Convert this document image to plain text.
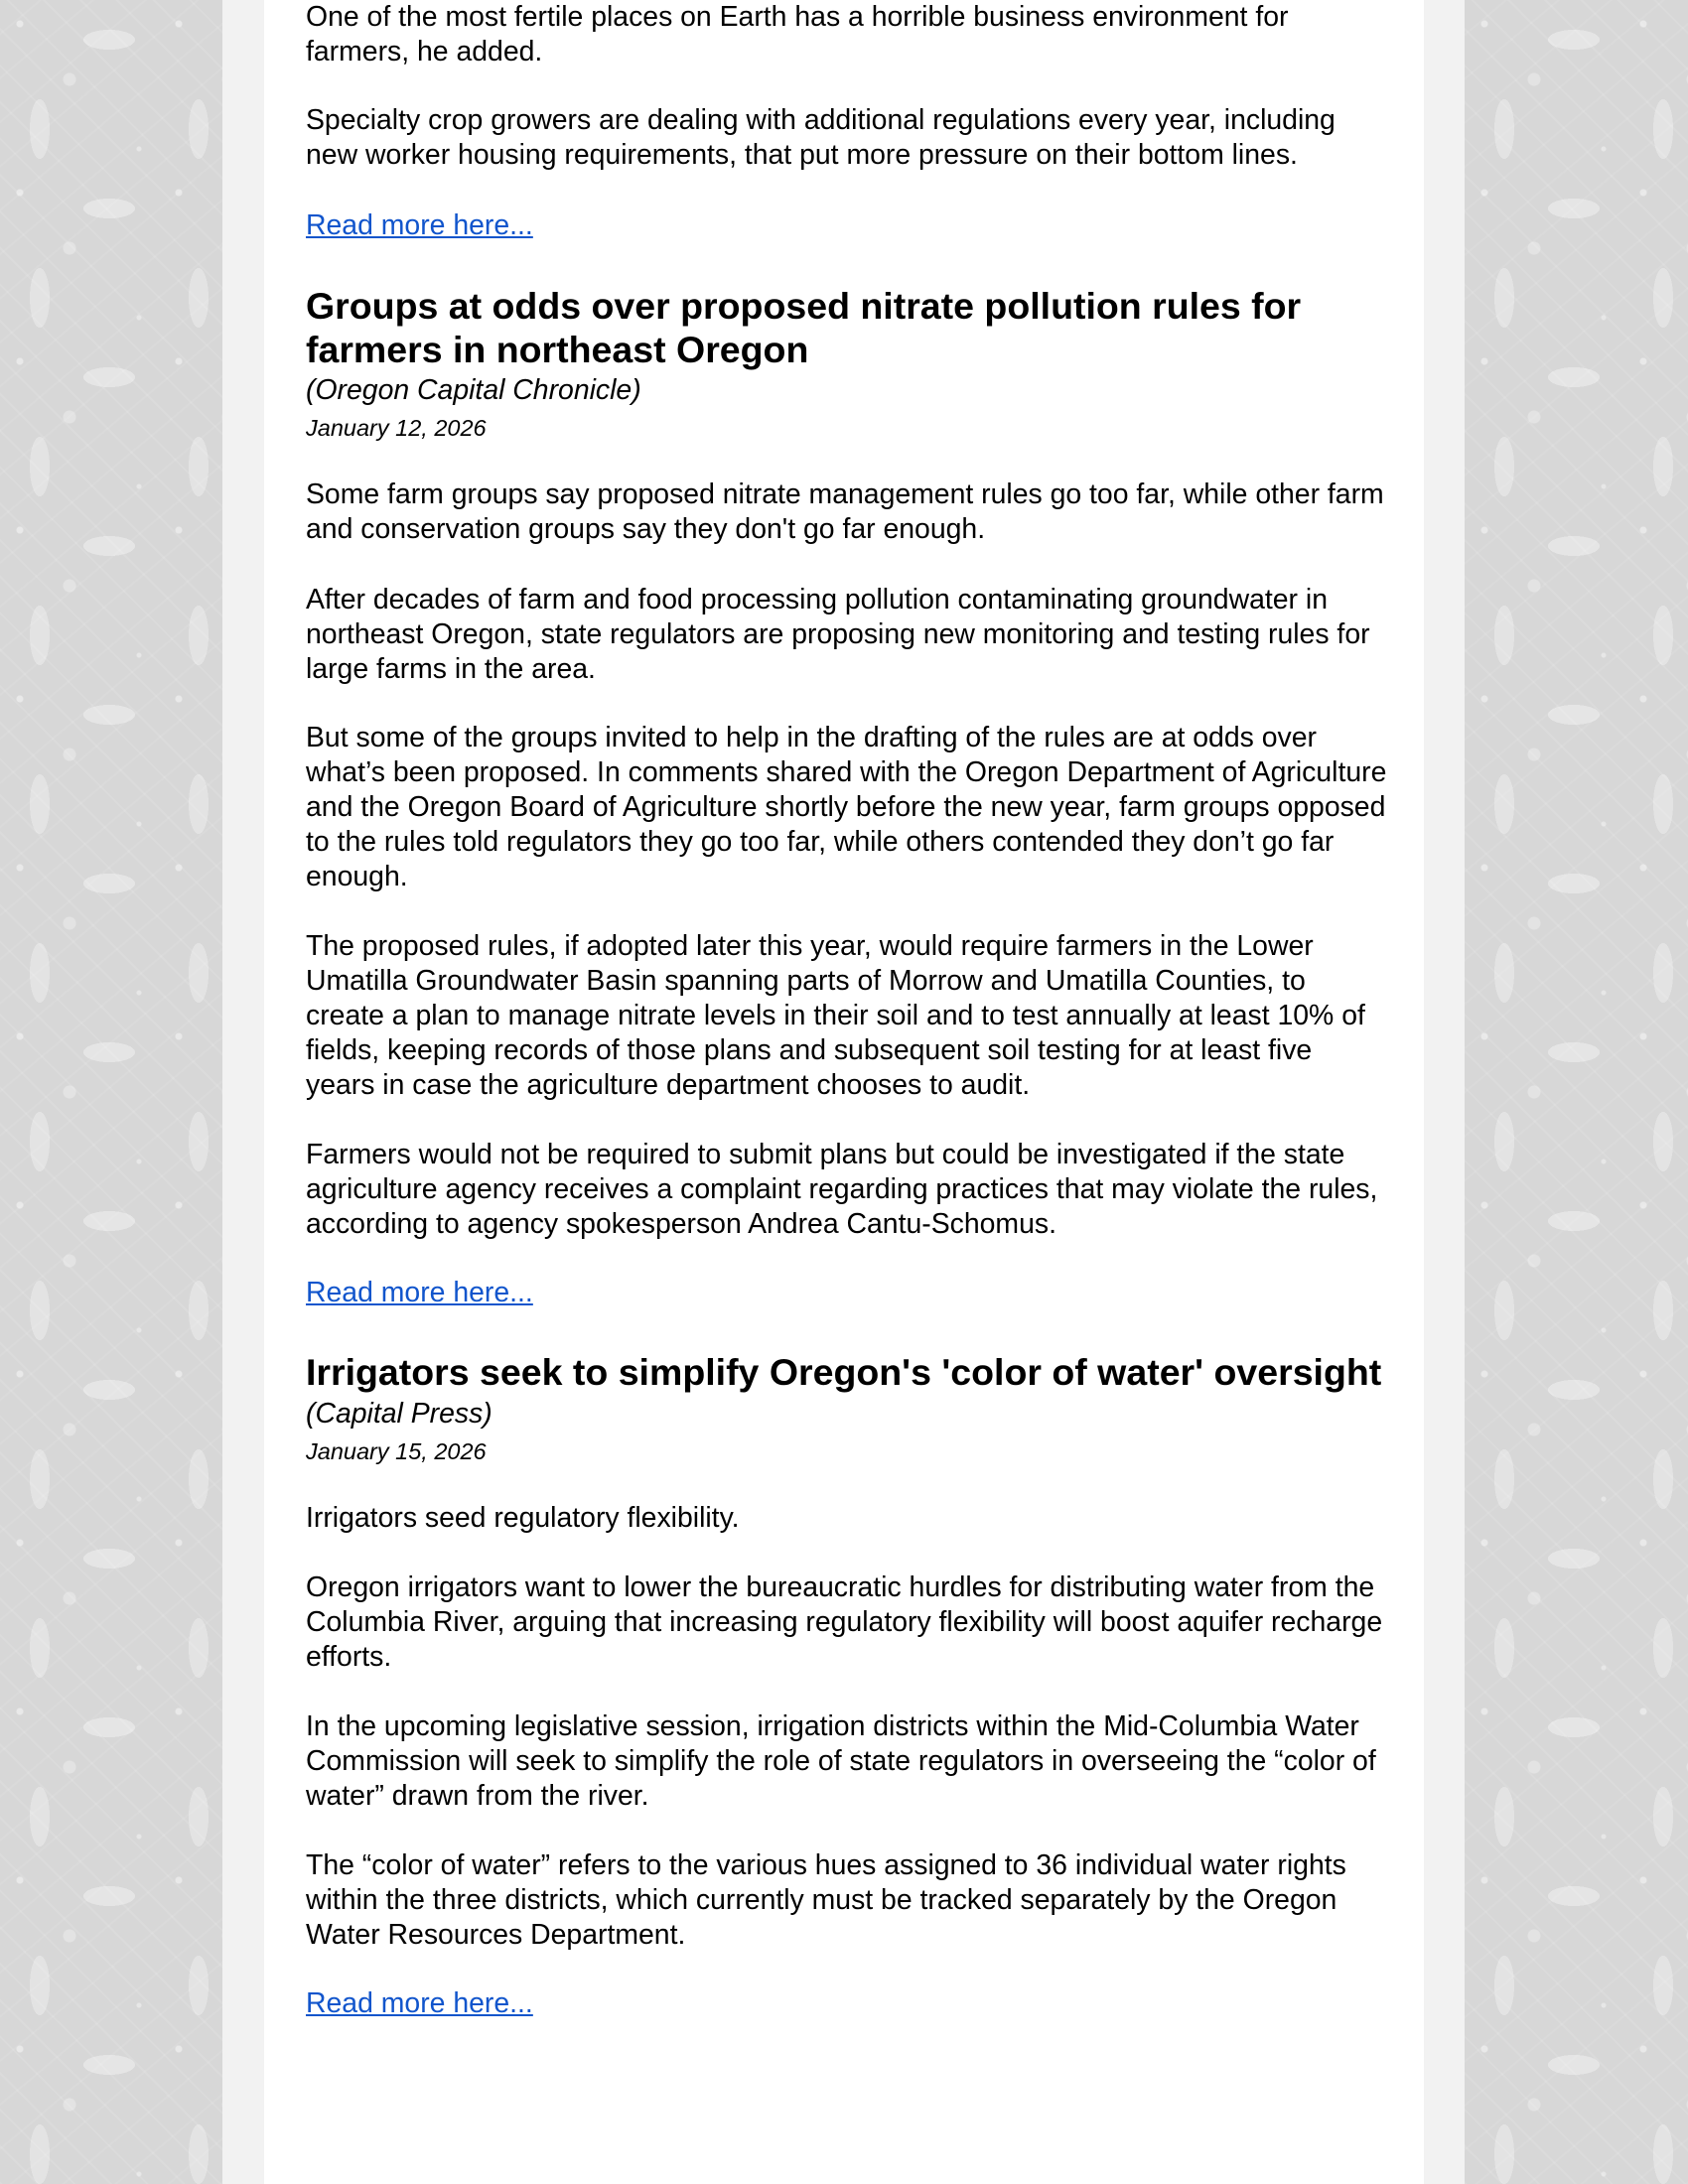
One of the most fertile places on Earth has a horrible business environment for farmers, he added.

Specialty crop growers are dealing with additional regulations every year, including new worker housing requirements, that put more pressure on their bottom lines.

Read more here...
Groups at odds over proposed nitrate pollution rules for farmers in northeast Oregon
(Oregon Capital Chronicle)
January 12, 2026

Some farm groups say proposed nitrate management rules go too far, while other farm and conservation groups say they don't go far enough.

After decades of farm and food processing pollution contaminating groundwater in northeast Oregon, state regulators are proposing new monitoring and testing rules for large farms in the area.

But some of the groups invited to help in the drafting of the rules are at odds over what’s been proposed. In comments shared with the Oregon Department of Agriculture and the Oregon Board of Agriculture shortly before the new year, farm groups opposed to the rules told regulators they go too far, while others contended they don’t go far enough.

The proposed rules, if adopted later this year, would require farmers in the Lower Umatilla Groundwater Basin spanning parts of Morrow and Umatilla Counties, to create a plan to manage nitrate levels in their soil and to test annually at least 10% of fields, keeping records of those plans and subsequent soil testing for at least five years in case the agriculture department chooses to audit.

Farmers would not be required to submit plans but could be investigated if the state agriculture agency receives a complaint regarding practices that may violate the rules, according to agency spokesperson Andrea Cantu-Schomus.

Read more here...
Irrigators seek to simplify Oregon's 'color of water' oversight
(Capital Press)
January 15, 2026

Irrigators seed regulatory flexibility.

Oregon irrigators want to lower the bureaucratic hurdles for distributing water from the Columbia River, arguing that increasing regulatory flexibility will boost aquifer recharge efforts.

In the upcoming legislative session, irrigation districts within the Mid-Columbia Water Commission will seek to simplify the role of state regulators in overseeing the “color of water” drawn from the river.

The “color of water” refers to the various hues assigned to 36 individual water rights within the three districts, which currently must be tracked separately by the Oregon Water Resources Department.

Read more here...
